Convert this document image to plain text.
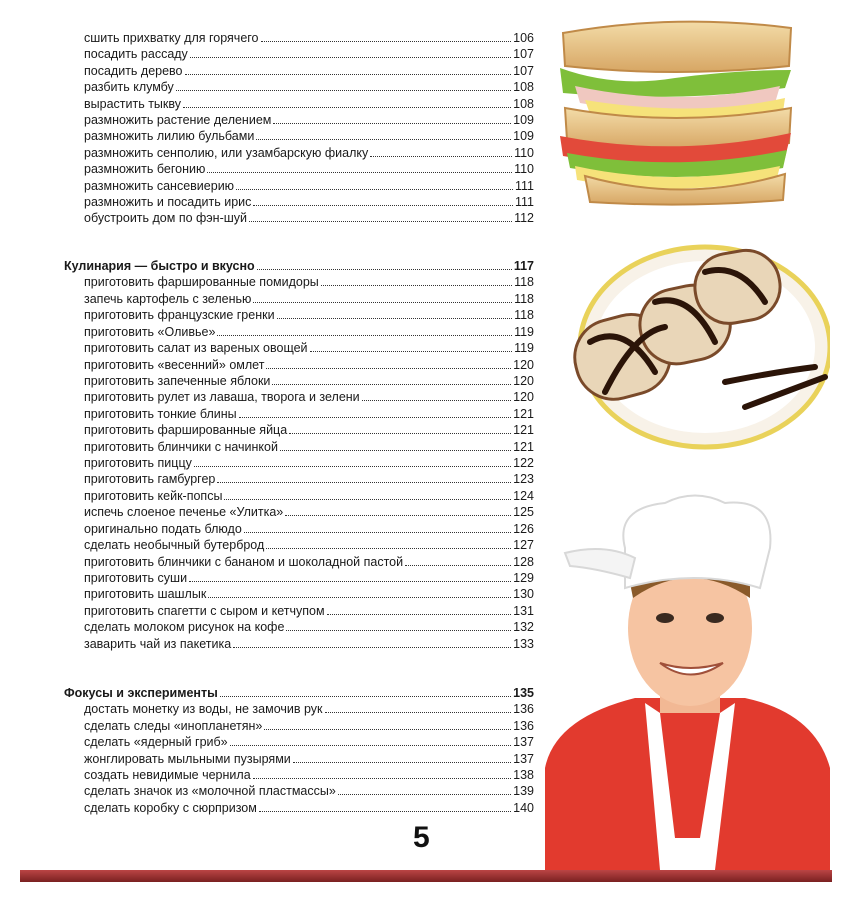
сшить прихватку для горячего	106
посадить рассаду	107
посадить дерево	107
разбить клумбу	108
вырастить тыкву	108
размножить растение делением	109
размножить лилию бульбами	109
размножить сенполию, или узамбарскую фиалку	110
размножить бегонию	110
размножить сансевиерию	111
размножить и посадить ирис	111
обустроить дом по фэн-шуй	112
Кулинария — быстро и вкусно	117
приготовить фаршированные помидоры	118
запечь картофель с зеленью	118
приготовить французские гренки	118
приготовить «Оливье»	119
приготовить салат из вареных овощей	119
приготовить «весенний» омлет	120
приготовить запеченные яблоки	120
приготовить рулет из лаваша, творога и зелени	120
приготовить тонкие блины	121
приготовить фаршированные яйца	121
приготовить блинчики с начинкой	121
приготовить пиццу	122
приготовить гамбургер	123
приготовить кейк-попсы	124
испечь слоеное печенье «Улитка»	125
оригинально подать блюдо	126
сделать необычный бутерброд	127
приготовить блинчики с бананом и шоколадной пастой	128
приготовить суши	129
приготовить шашлык	130
приготовить спагетти с сыром и кетчупом	131
сделать молоком рисунок на кофе	132
заварить чай из пакетика	133
Фокусы и эксперименты	135
достать монетку из воды, не замочив рук	136
сделать следы «инопланетян»	136
сделать «ядерный гриб»	137
жонглировать мыльными пузырями	137
создать невидимые чернила	138
сделать значок из «молочной пластмассы»	139
сделать коробку с сюрпризом	140
5
